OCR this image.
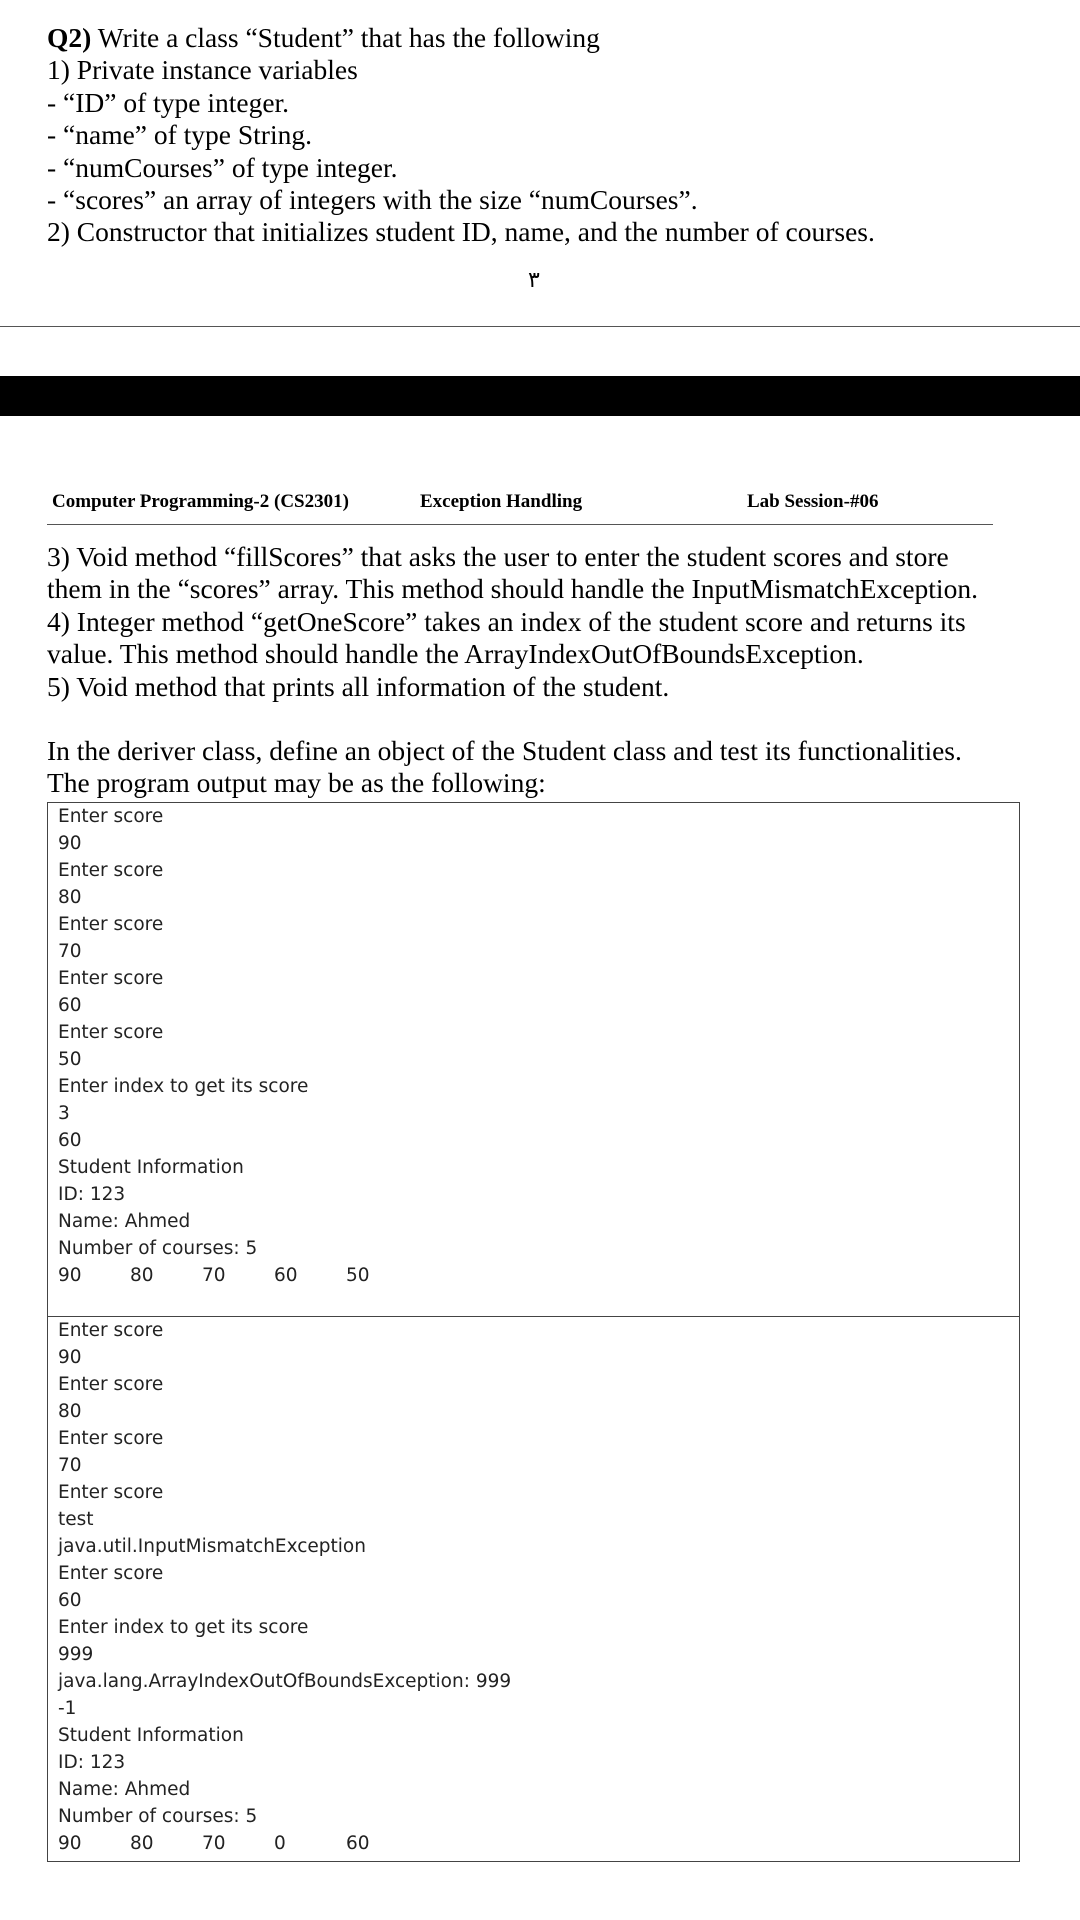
Q2) Write a class “Student” that has the following
1) Private instance variables
- “ID” of type integer.
- “name” of type String.
- “numCourses” of type integer.
- “scores” an array of integers with the size “numCourses”.
2) Constructor that initializes student ID, name, and the number of courses.
٣
Computer Programming-2 (CS2301)	Exception Handling	Lab Session-#06
3) Void method “fillScores” that asks the user to enter the student scores and store
them in the “scores” array. This method should handle the InputMismatchException.
4) Integer method “getOneScore” takes an index of the student score and returns its
value. This method should handle the ArrayIndexOutOfBoundsException.
5) Void method that prints all information of the student.
In the deriver class, define an object of the Student class and test its functionalities.
The program output may be as the following:
Enter score
90
Enter score
80
Enter score
70
Enter score
60
Enter score
50
Enter index to get its score
3
60
Student Information
ID: 123
Name: Ahmed
Number of courses: 5
90	80	70	60	50
Enter score
90
Enter score
80
Enter score
70
Enter score
test
java.util.InputMismatchException
Enter score
60
Enter index to get its score
999
java.lang.ArrayIndexOutOfBoundsException: 999
-1
Student Information
ID: 123
Name: Ahmed
Number of courses: 5
90	80	70	0	60
